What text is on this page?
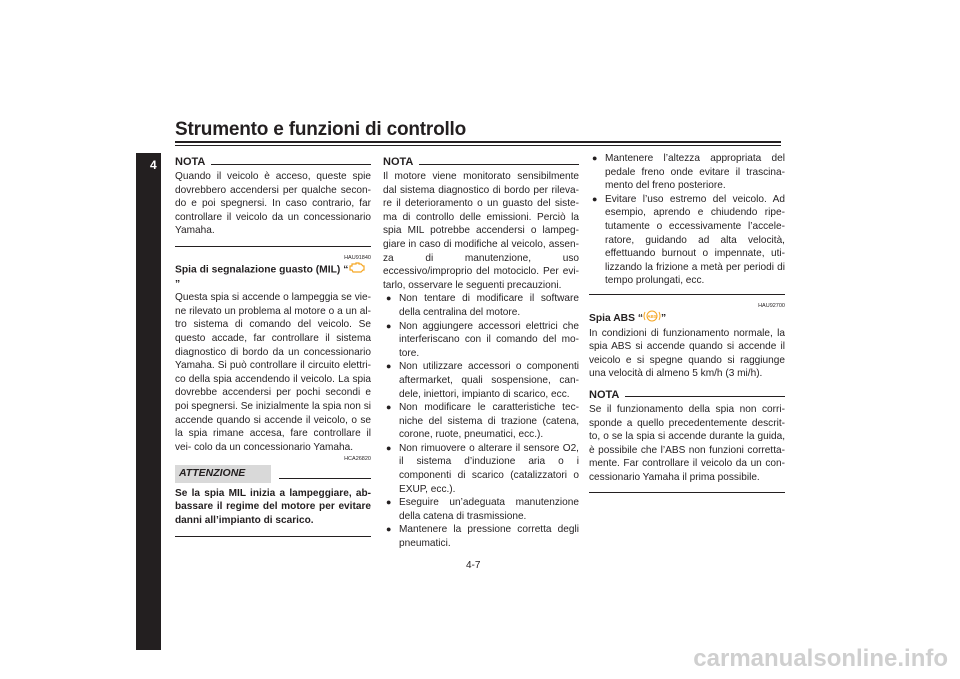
Strumento e funzioni di controllo
4 NOTA

Quando il veicolo è acceso, queste spie dovrebbero accendersi per qualche secon- do e poi spegnersi. In caso contrario, far controllare il veicolo da un concessionario Yamaha.

HAU91840
Spia di segnalazione guasto (MIL) “”

Questa spia si accende o lampeggia se vie- ne rilevato un problema al motore o a un al- tro sistema di comando del veicolo. Se questo accade, far controllare il sistema diagnostico di bordo da un concessionario Yamaha. Si può controllare il circuito elettri- co della spia accendendo il veicolo. La spia dovrebbe accendersi per pochi secondi e poi spegnersi. Se inizialmente la spia non si accende quando si accende il veicolo, o se la spia rimane accesa, fare controllare il vei- colo da un concessionario Yamaha.

HCA26820
ATTENZIONE

Se la spia MIL inizia a lampeggiare, ab- bassare il regime del motore per evitare danni all’impianto di scarico.

NOTA

Il motore viene monitorato sensibilmente dal sistema diagnostico di bordo per rileva- re il deterioramento o un guasto del siste- ma di controllo delle emissioni. Perciò la spia MIL potrebbe accendersi o lampeg- giare in caso di modifiche al veicolo, assen- za di manutenzione, uso eccessivo/improprio del motociclo. Per evi- tarlo, osservare le seguenti precauzioni.

● Non tentare di modificare il software della centralina del motore.
● Non aggiungere accessori elettrici che interferiscano con il comando del mo- tore.
● Non utilizzare accessori o componenti aftermarket, quali sospensione, can- dele, iniettori, impianto di scarico, ecc.
● Non modificare le caratteristiche tec- niche del sistema di trazione (catena, corone, ruote, pneumatici, ecc.).
● Non rimuovere o alterare il sensore O2, il sistema d’induzione aria o i componenti di scarico (catalizzatori o EXUP, ecc.).
● Eseguire un’adeguata manutenzione della catena di trasmissione.
● Mantenere la pressione corretta degli pneumatici.
● Mantenere l’altezza appropriata del pedale freno onde evitare il trascina- mento del freno posteriore.
● Evitare l’uso estremo del veicolo. Ad esempio, aprendo e chiudendo ripe- tutamente o eccessivamente l’accele- ratore, guidando ad alta velocità, effettuando burnout o impennate, uti- lizzando la frizione a metà per periodi di tempo prolungati, ecc.
HAU92700
Spia ABS “ ABS ”

In condizioni di funzionamento normale, la spia ABS si accende quando si accende il veicolo e si spegne quando si raggiunge una velocità di almeno 5 km/h (3 mi/h).

NOTA

Se il funzionamento della spia non corri- sponde a quello precedentemente descrit- to, o se la spia si accende durante la guida, è possibile che l’ABS non funzioni corretta- mente. Far controllare il veicolo da un con- cessionario Yamaha il prima possibile.

4-7
carmanualsonline.info
